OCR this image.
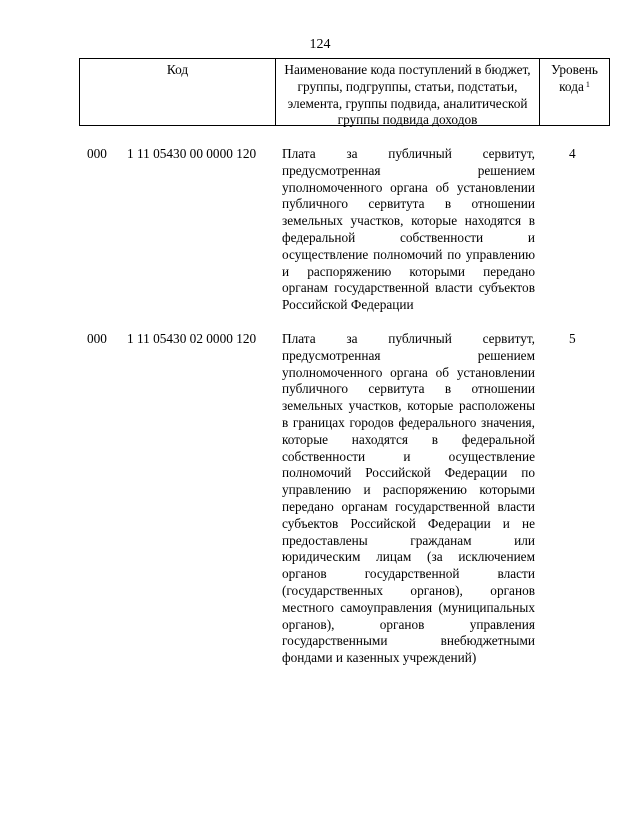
124
Код	Наименование кода поступлений в бюджет, группы, подгруппы, статьи, подстатьи, элемента, группы подвида, аналитической группы подвида доходов
Уровень кода $^1$
000 1 11 05430 00 0000 120 Плата за публичный сервитут, предусмотренная решением уполномоченного органа об установлении публичного сервитута в отношении земельных участков, которые находятся в федеральной собственности и осуществление полномочий по управлению и распоряжению которыми передано органам государственной власти субъектов Российской Федерации
4
000 1 11 05430 02 0000 120 Плата за публичный сервитут, предусмотренная решением уполномоченного органа об установлении публичного сервитута в отношении земельных участков, которые расположены в границах городов федерального значения, которые находятся в федеральной собственности и осуществление полномочий Российской Федерации по управлению и распоряжению которыми передано органам государственной власти субъектов Российской Федерации и не предоставлены гражданам или юридическим лицам (за исключением органов государственной власти (государственных органов), органов местного самоуправления (муниципальных органов), органов управления государственными внебюджетными фондами и казенных учреждений)
5
